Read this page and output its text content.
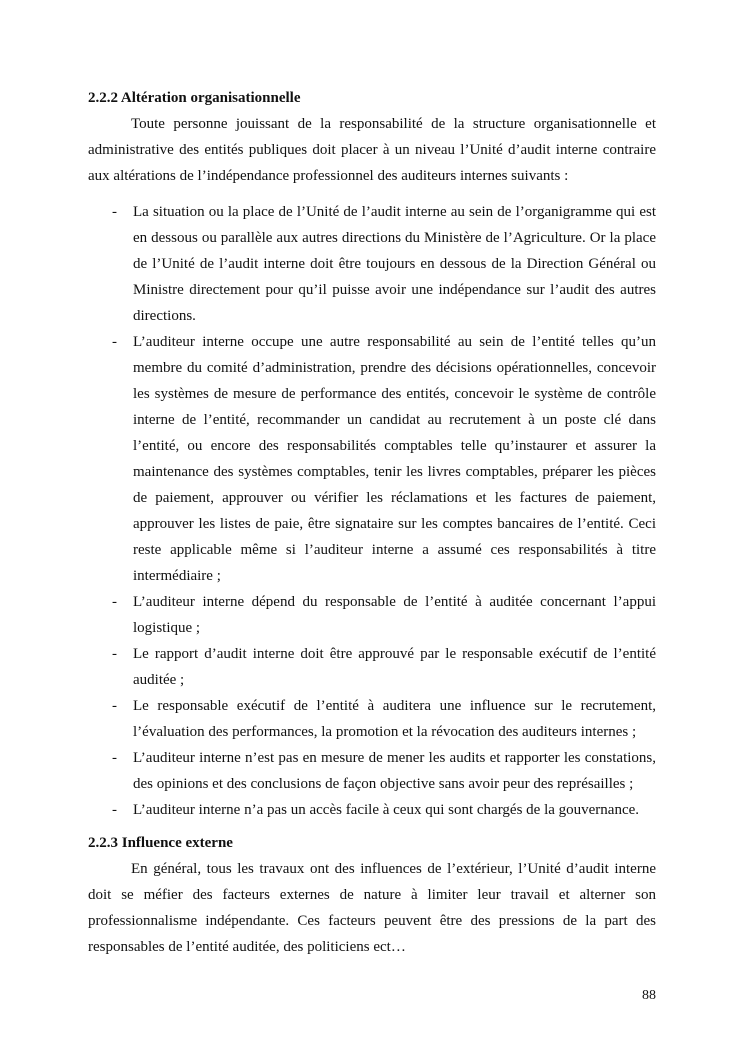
2.2.2 Altération organisationnelle

Toute personne jouissant de la responsabilité de la structure organisationnelle et administrative des entités publiques doit placer à un niveau l’Unité d’audit interne contraire aux altérations de l’indépendance professionnel des auditeurs internes suivants :

- La situation ou la place de l’Unité de l’audit interne au sein de l’organigramme qui est en dessous ou parallèle aux autres directions du Ministère de l’Agriculture. Or la place de l’Unité de l’audit interne doit être toujours en dessous de la Direction Général ou Ministre directement pour qu’il puisse avoir une indépendance sur l’audit des autres directions.
- L’auditeur interne occupe une autre responsabilité au sein de l’entité telles qu’un membre du comité d’administration, prendre des décisions opérationnelles, concevoir les systèmes de mesure de performance des entités, concevoir le système de contrôle interne de l’entité, recommander un candidat au recrutement à un poste clé dans l’entité, ou encore des responsabilités comptables telle qu’instaurer et assurer la maintenance des systèmes comptables, tenir les livres comptables, préparer les pièces de paiement, approuver ou vérifier les réclamations et les factures de paiement, approuver les listes de paie, être signataire sur les comptes bancaires de l’entité. Ceci reste applicable même si l’auditeur interne a assumé ces responsabilités à titre intermédiaire ;
- L’auditeur interne dépend du responsable de l’entité à auditée concernant l’appui logistique ;
- Le rapport d’audit interne doit être approuvé par le responsable exécutif de l’entité auditée ;
- Le responsable exécutif de l’entité à auditera une influence sur le recrutement, l’évaluation des performances, la promotion et la révocation des auditeurs internes ;
- L’auditeur interne n’est pas en mesure de mener les audits et rapporter les constations, des opinions et des conclusions de façon objective sans avoir peur des représailles ;
- L’auditeur interne n’a pas un accès facile à ceux qui sont chargés de la gouvernance.
2.2.3 Influence externe

En général, tous les travaux ont des influences de l’extérieur, l’Unité d’audit interne doit se méfier des facteurs externes de nature à limiter leur travail et alterner son professionnalisme indépendante. Ces facteurs peuvent être des pressions de la part des responsables de l’entité auditée, des politiciens ect…

88
